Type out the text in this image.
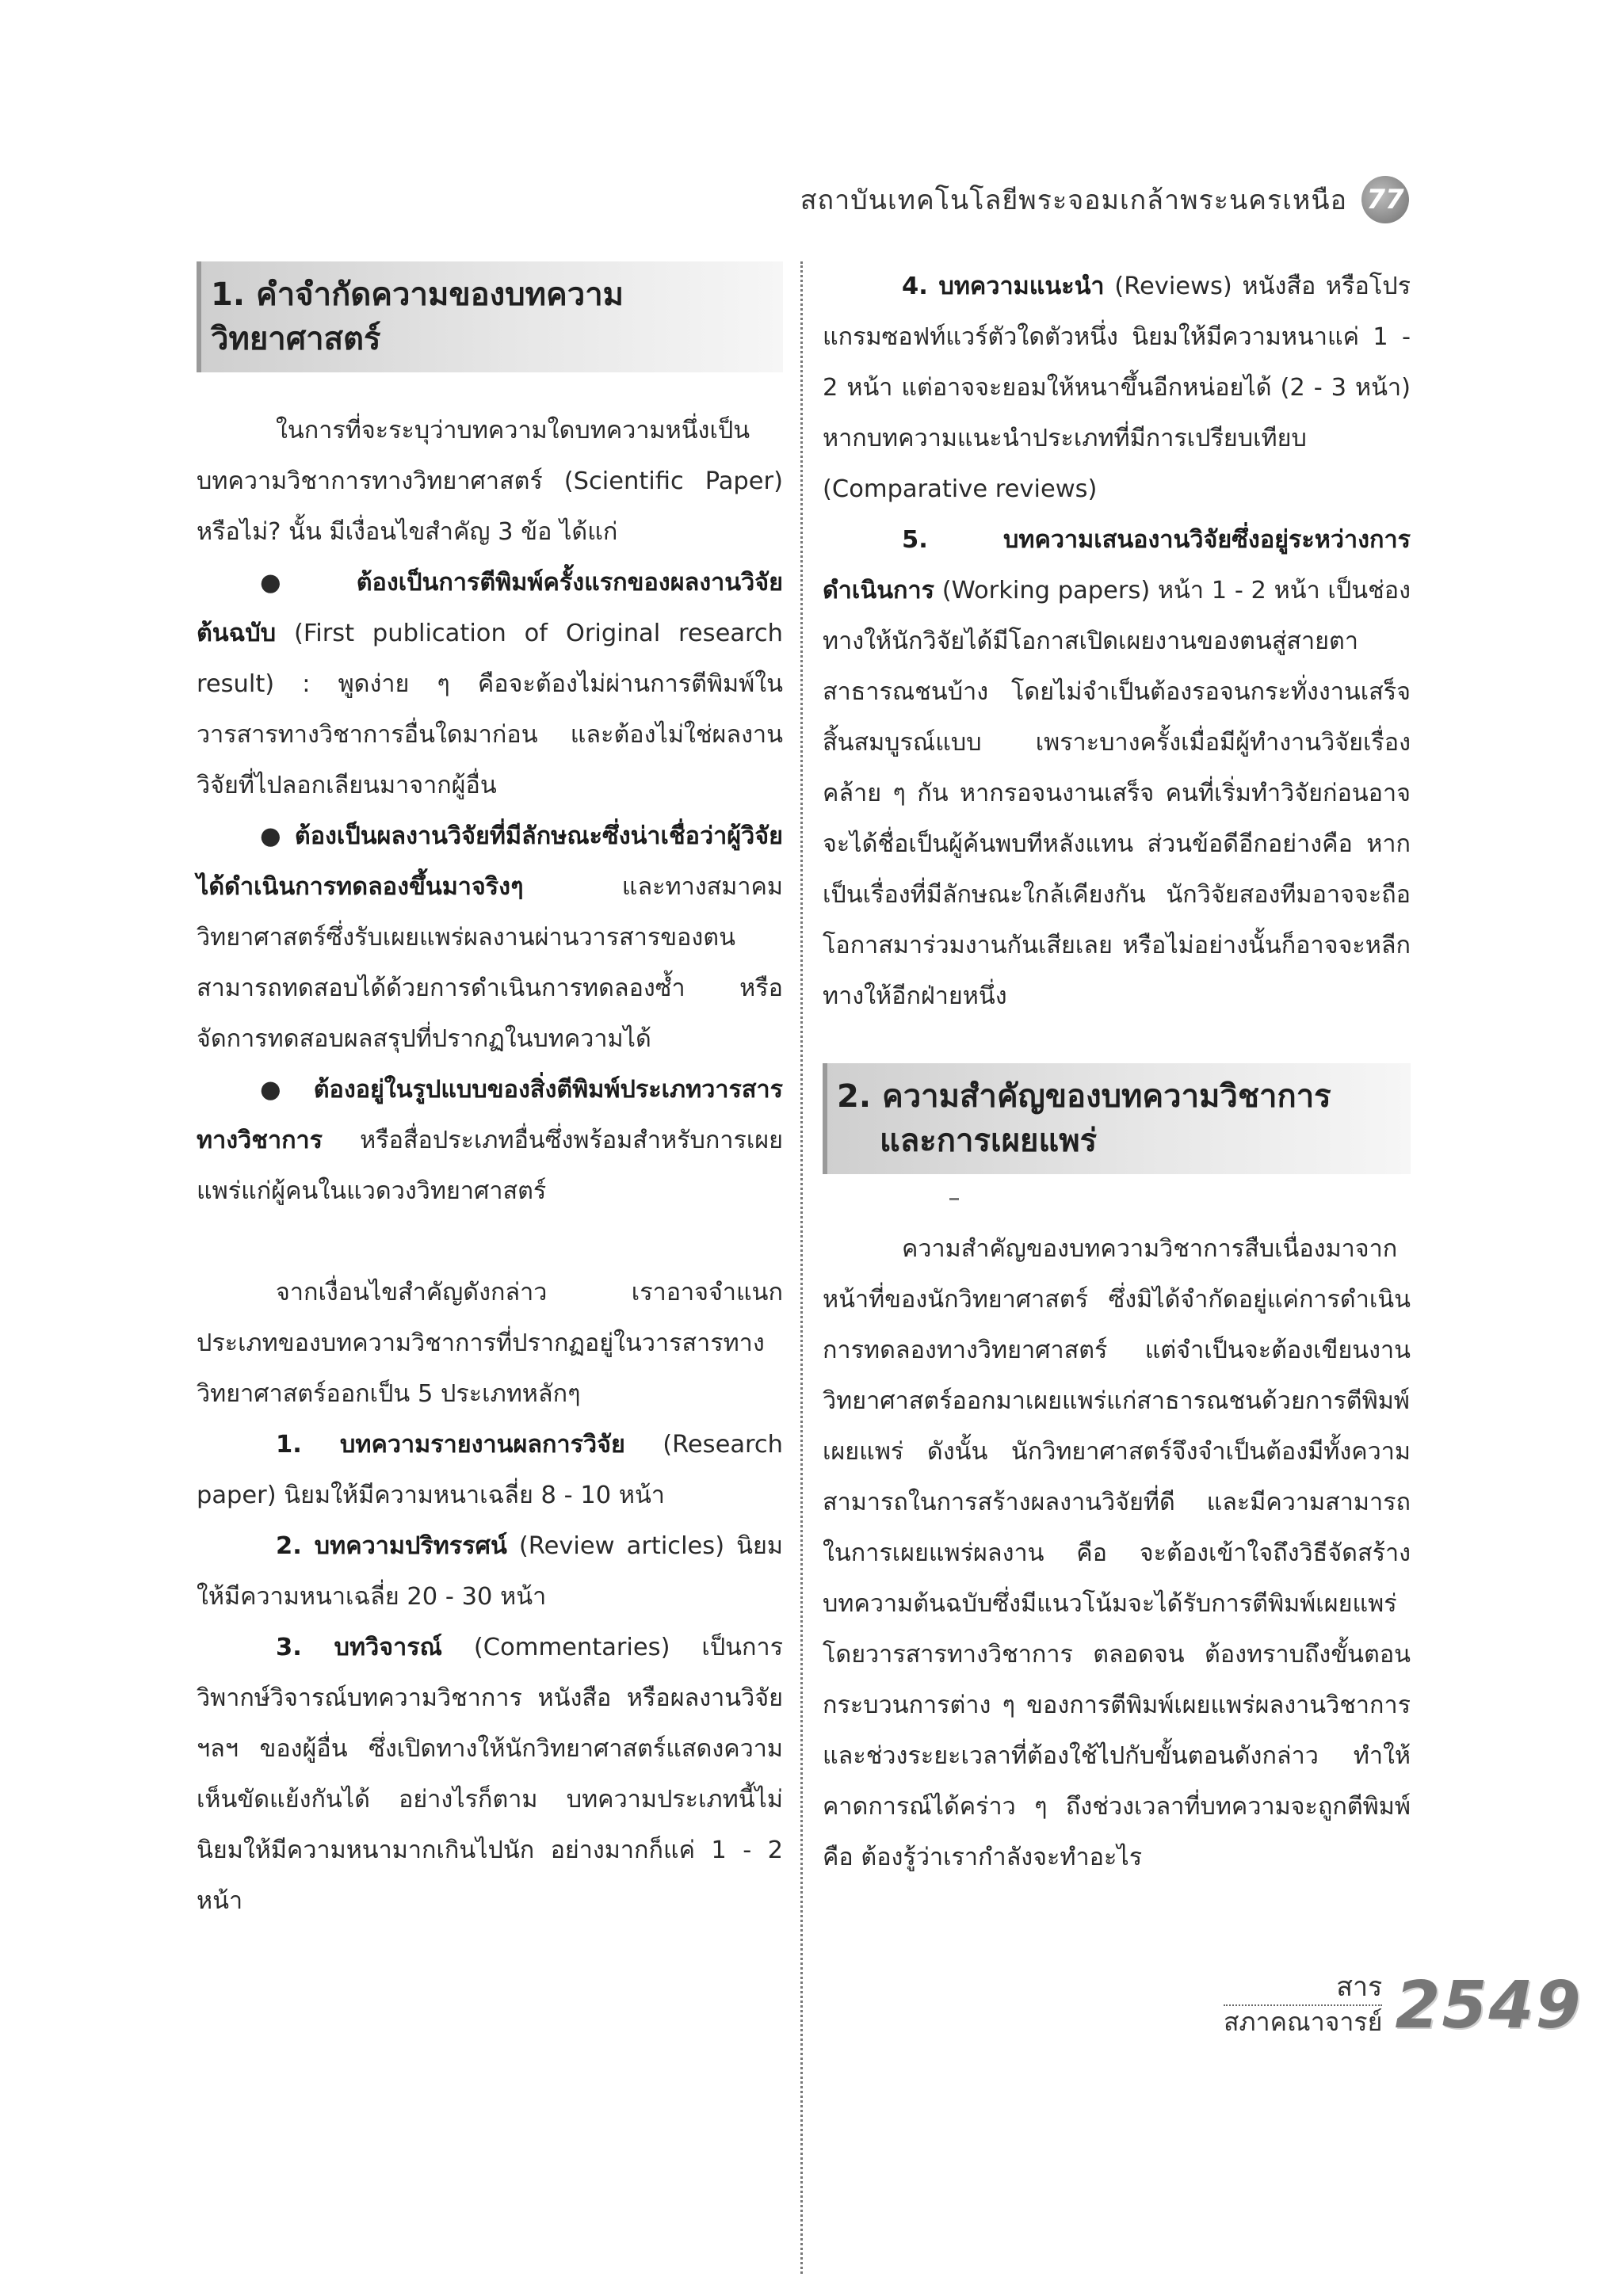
สถาบันเทคโนโลยีพระจอมเกล้าพระนครเหนือ 77
1. คำจำกัดความของบทความวิทยาศาสตร์

ในการที่จะระบุว่าบทความใดบทความหนึ่งเป็นบทความวิชาการทางวิทยาศาสตร์ (Scientific Paper) หรือไม่? นั้น มีเงื่อนไขสำคัญ 3 ข้อ ได้แก่

● ต้องเป็นการตีพิมพ์ครั้งแรกของผลงานวิจัยต้นฉบับ (First publication of Original research result) : พูดง่าย ๆ คือจะต้องไม่ผ่านการตีพิมพ์ในวารสารทางวิชาการอื่นใดมาก่อน และต้องไม่ใช่ผลงานวิจัยที่ไปลอกเลียนมาจากผู้อื่น

● ต้องเป็นผลงานวิจัยที่มีลักษณะซึ่งน่าเชื่อว่าผู้วิจัยได้ดำเนินการทดลองขึ้นมาจริงๆ	และทางสมาคมวิทยาศาสตร์ซึ่งรับเผยแพร่ผลงานผ่านวารสารของตนสามารถทดสอบได้ด้วยการดำเนินการทดลองซ้ำ หรือจัดการทดสอบผลสรุปที่ปรากฏในบทความได้

● ต้องอยู่ในรูปแบบของสิ่งตีพิมพ์ประเภทวารสารทางวิชาการ หรือสื่อประเภทอื่นซึ่งพร้อมสำหรับการเผยแพร่แก่ผู้คนในแวดวงวิทยาศาสตร์

จากเงื่อนไขสำคัญดังกล่าว เราอาจจำแนกประเภทของบทความวิชาการที่ปรากฏอยู่ในวารสารทางวิทยาศาสตร์ออกเป็น 5 ประเภทหลักๆ

1. บทความรายงานผลการวิจัย (Research paper) นิยมให้มีความหนาเฉลี่ย 8 - 10 หน้า

2. บทความปริทรรศน์ (Review articles) นิยมให้มีความหนาเฉลี่ย 20 - 30 หน้า

3. บทวิจารณ์ (Commentaries) เป็นการวิพากษ์วิจารณ์บทความวิชาการ หนังสือ หรือผลงานวิจัย ฯลฯ ของผู้อื่น ซึ่งเปิดทางให้นักวิทยาศาสตร์แสดงความเห็นขัดแย้งกันได้ อย่างไรก็ตาม บทความประเภทนี้ไม่นิยมให้มีความหนามากเกินไปนัก อย่างมากก็แค่ 1 - 2 หน้า

4. บทความแนะนำ (Reviews) หนังสือ หรือโปรแกรมซอฟท์แวร์ตัวใดตัวหนึ่ง นิยมให้มีความหนาแค่ 1 - 2 หน้า แต่อาจจะยอมให้หนาขึ้นอีกหน่อยได้ (2 - 3 หน้า) หากบทความแนะนำประเภทที่มีการเปรียบเทียบ (Comparative reviews)

5. บทความเสนองานวิจัยซึ่งอยู่ระหว่างการดำเนินการ (Working papers) หน้า 1 - 2 หน้า เป็นช่องทางให้นักวิจัยได้มีโอกาสเปิดเผยงานของตนสู่สายตาสาธารณชนบ้าง โดยไม่จำเป็นต้องรอจนกระทั่งงานเสร็จสิ้นสมบูรณ์แบบ เพราะบางครั้งเมื่อมีผู้ทำงานวิจัยเรื่องคล้าย ๆ กัน หากรอจนงานเสร็จ คนที่เริ่มทำวิจัยก่อนอาจจะได้ชื่อเป็นผู้ค้นพบทีหลังแทน ส่วนข้อดีอีกอย่างคือ หากเป็นเรื่องที่มีลักษณะใกล้เคียงกัน นักวิจัยสองทีมอาจจะถือโอกาสมาร่วมงานกันเสียเลย หรือไม่อย่างนั้นก็อาจจะหลีกทางให้อีกฝ่ายหนึ่ง

2. ความสำคัญของบทความวิชาการ
และการเผยแพร่

ความสำคัญของบทความวิชาการสืบเนื่องมาจากหน้าที่ของนักวิทยาศาสตร์ ซึ่งมิได้จำกัดอยู่แค่การดำเนินการทดลองทางวิทยาศาสตร์ แต่จำเป็นจะต้องเขียนงานวิทยาศาสตร์ออกมาเผยแพร่แก่สาธารณชนด้วยการตีพิมพ์เผยแพร่ ดังนั้น นักวิทยาศาสตร์จึงจำเป็นต้องมีทั้งความสามารถในการสร้างผลงานวิจัยที่ดี และมีความสามารถในการเผยแพร่ผลงาน คือ จะต้องเข้าใจถึงวิธีจัดสร้างบทความต้นฉบับซึ่งมีแนวโน้มจะได้รับการตีพิมพ์เผยแพร่โดยวารสารทางวิชาการ ตลอดจน ต้องทราบถึงขั้นตอนกระบวนการต่าง ๆ ของการตีพิมพ์เผยแพร่ผลงานวิชาการ และช่วงระยะเวลาที่ต้องใช้ไปกับขั้นตอนดังกล่าว ทำให้คาดการณ์ได้คร่าว ๆ ถึงช่วงเวลาที่บทความจะถูกตีพิมพ์ คือ ต้องรู้ว่าเรากำลังจะทำอะไร

สาร
สภาคณาจารย์ 2549
